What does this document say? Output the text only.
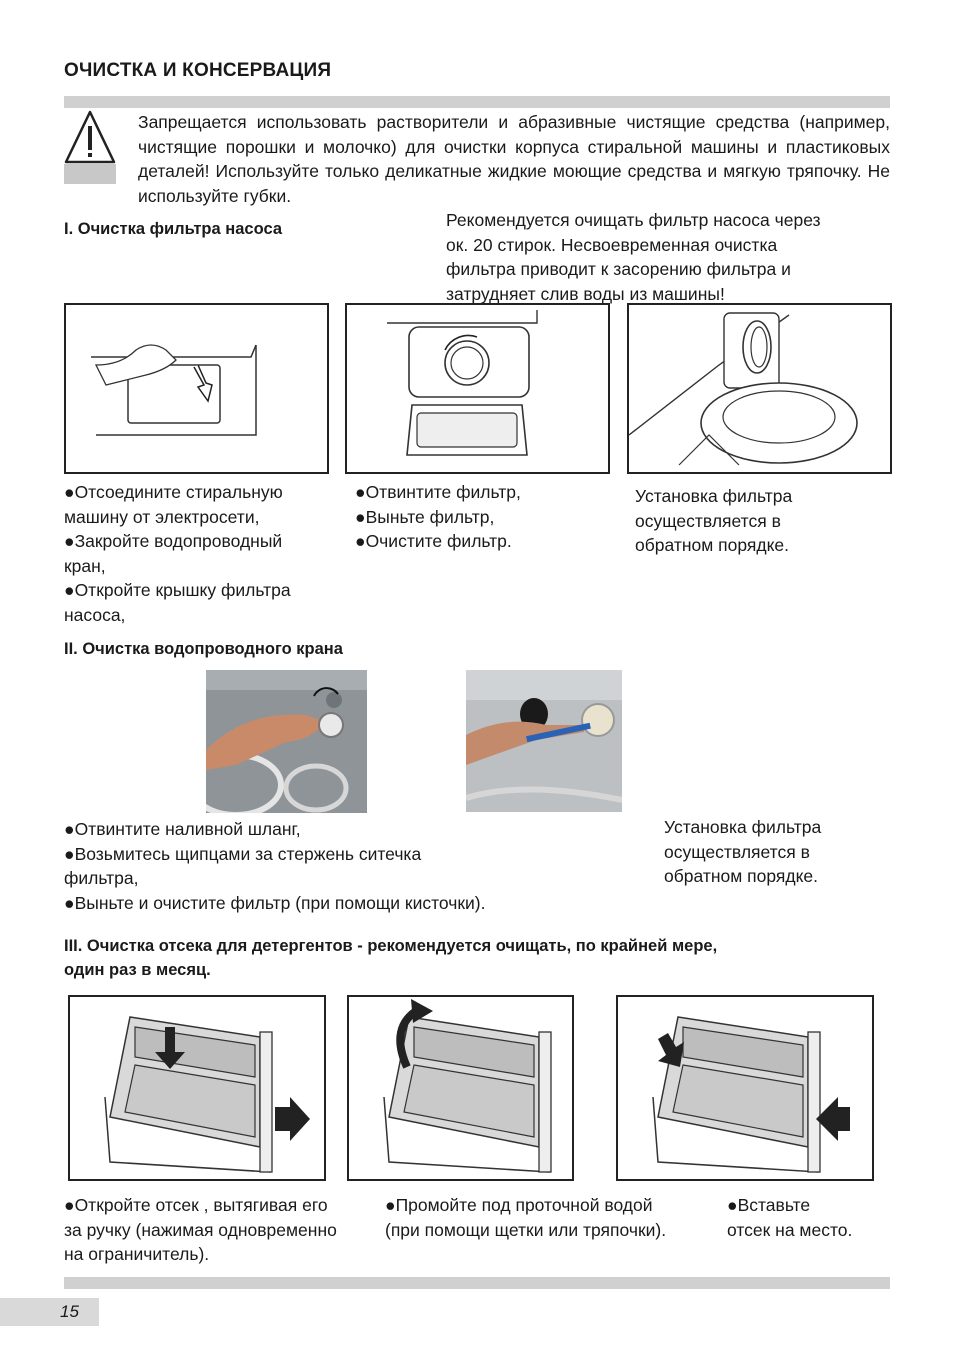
ОЧИСТКА И КОНСЕРВАЦИЯ
Запрещается использовать растворители и абразивные чистящие средства (например, чистящие порошки и молочко) для очистки корпуса стиральной машины и пластиковых деталей! Используйте только деликатные жидкие моющие средства и мягкую тряпочку. Не используйте губки.
I. Очистка фильтра насоса	Рекомендуется очищать фильтр насоса через
ок. 20 стирок. Несвоевременная очистка
фильтра приводит к засорению фильтра и
затрудняет слив воды из машины!
●Отсоедините стиральную
машину от электросети,
●Закройте водопроводный
кран,
●Откройте крышку фильтра
насоса,
●Отвинтите фильтр,
●Выньте фильтр,
●Очистите фильтр.
Установка фильтра
осуществляется в
обратном порядке.
II. Очистка водопроводного крана
●Отвинтите наливной шланг,
●Возьмитесь щипцами за стержень ситечка
фильтра,
●Выньте и очистите фильтр (при помощи кисточки).
Установка фильтра
осуществляется в
обратном порядке.
III. Очистка отсека для детергентов - рекомендуется очищать, по крайней мере,
один раз в месяц.
●Откройте отсек , вытягивая его
за ручку (нажимая одновременно
на ограничитель).
●Промойте под проточной водой
(при помощи щетки или тряпочки).
●Вставьте
отсек на место.
15
